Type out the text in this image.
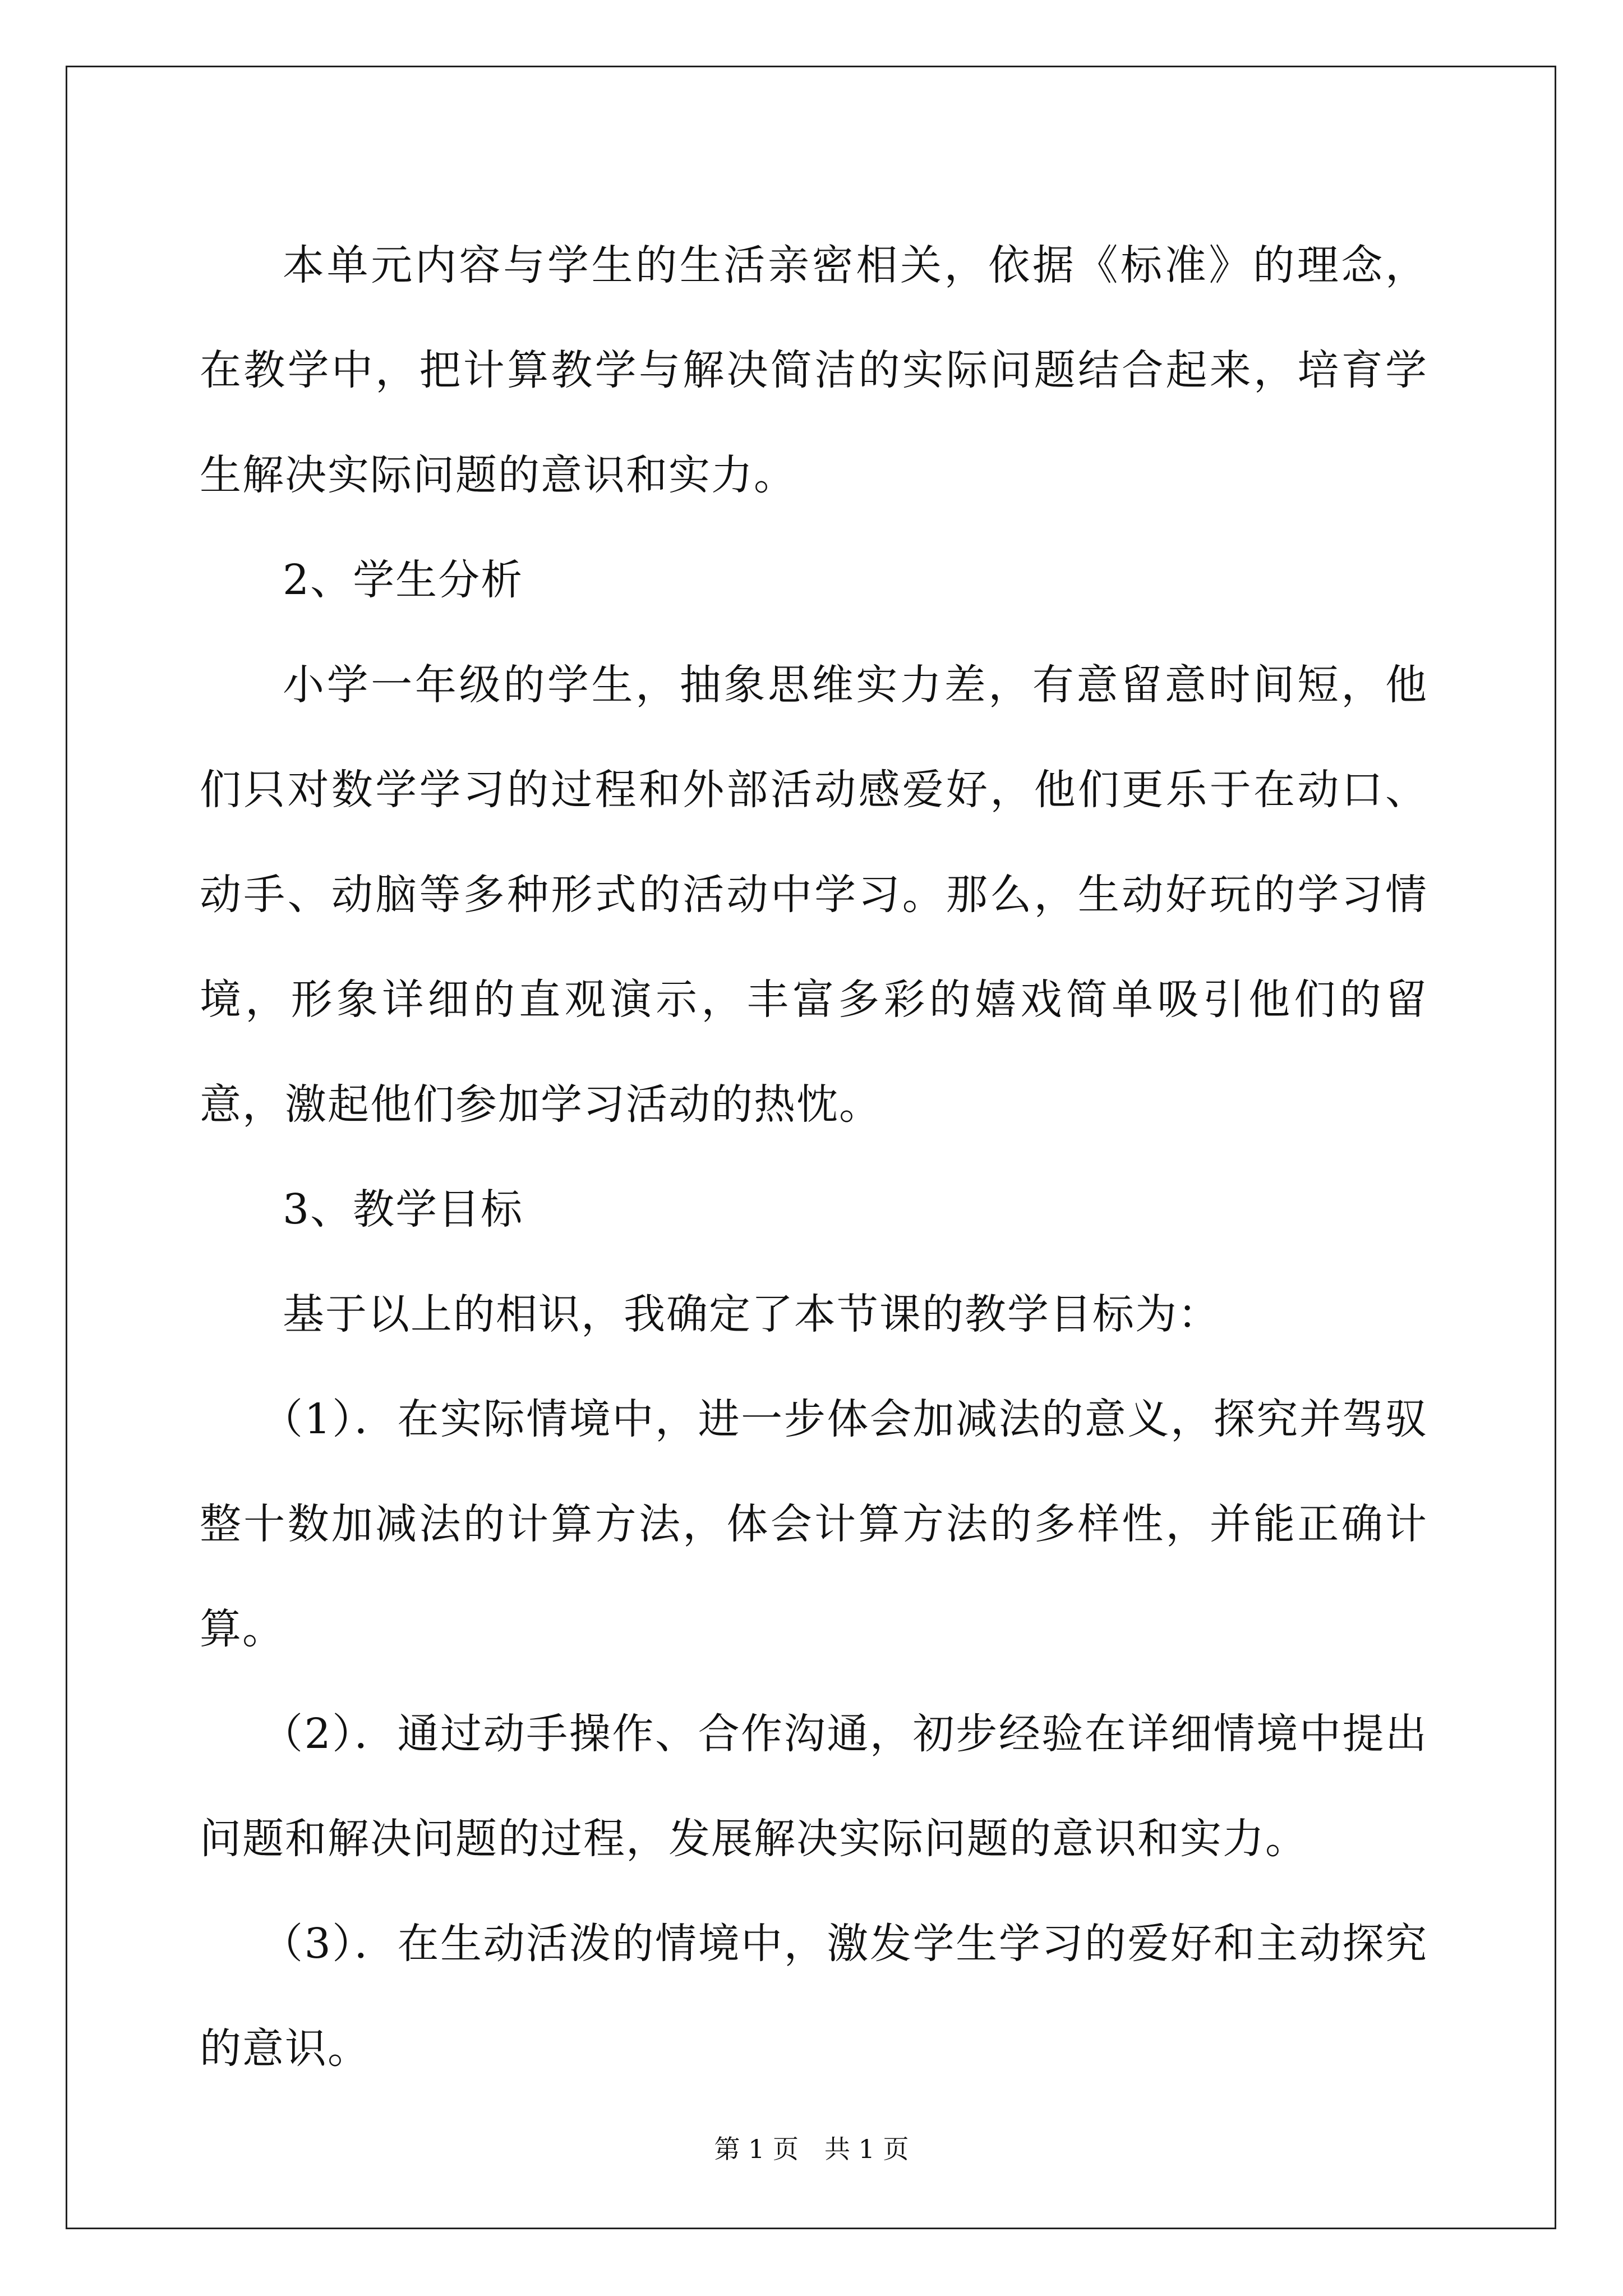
本单元内容与学生的生活亲密相关，依据《标准》的理念，在教学中，把计算教学与解决简洁的实际问题结合起来，培育学生解决实际问题的意识和实力。

2、学生分析

小学一年级的学生，抽象思维实力差，有意留意时间短，他们只对数学学习的过程和外部活动感爱好，他们更乐于在动口、动手、动脑等多种形式的活动中学习。那么，生动好玩的学习情境，形象详细的直观演示，丰富多彩的嬉戏简单吸引他们的留意，激起他们参加学习活动的热忱。

3、教学目标

基于以上的相识，我确定了本节课的教学目标为：

（1）．在实际情境中，进一步体会加减法的意义，探究并驾驭整十数加减法的计算方法，体会计算方法的多样性，并能正确计算。

（2）．通过动手操作、合作沟通，初步经验在详细情境中提出问题和解决问题的过程，发展解决实际问题的意识和实力。

（3）．在生动活泼的情境中，激发学生学习的爱好和主动探究的意识。

第 1 页　共 1 页
